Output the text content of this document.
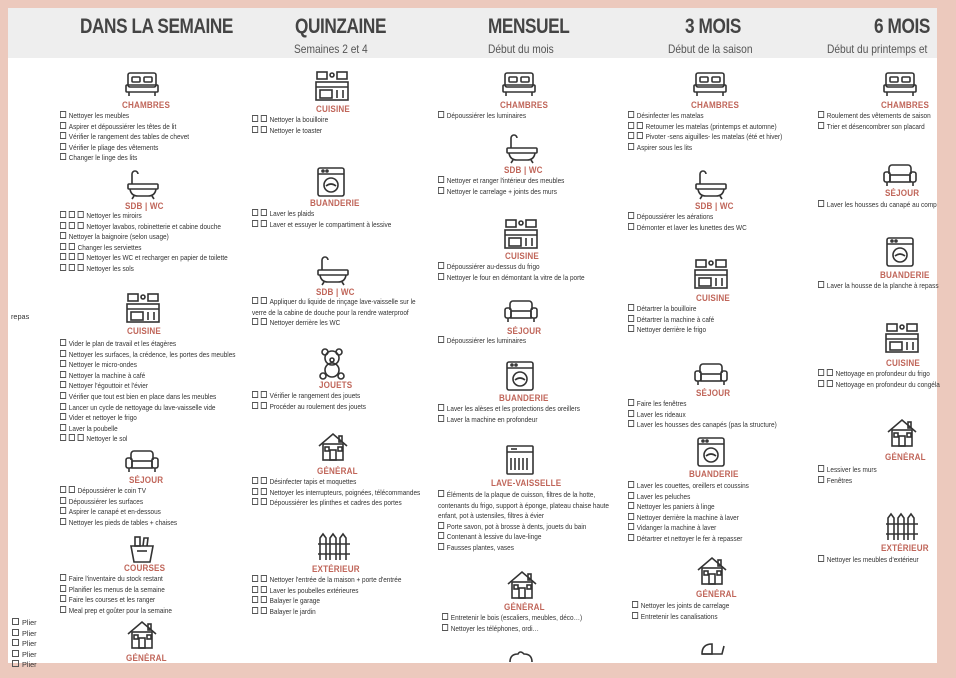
DANS LA SEMAINE	QUINZAINE
Semaines 2 et 4
MENSUEL
Début du mois
3 MOIS
Début de la saison
6 MOIS
Début du printemps et
repas
Plier
Plier
Plier
Plier
Plier
CHAMBRES
Nettoyer les meubles
Aspirer et dépoussiérer les têtes de lit
Vérifier le rangement des tables de chevet
Vérifier le pliage des vêtements
Changer le linge des lits
SDB | WC
Nettoyer les miroirs
Nettoyer lavabos, robinetterie et cabine douche
Nettoyer la baignoire (selon usage)
Changer les serviettes
Nettoyer les WC et recharger en papier de toilette
Nettoyer les sols
CUISINE
Vider le plan de travail et les étagères
Nettoyer les surfaces, la crédence, les portes des meubles
Nettoyer le micro-ondes
Nettoyer la machine à café
Nettoyer l'égouttoir et l'évier
Vérifier que tout est bien en place dans les meubles
Lancer un cycle de nettoyage du lave-vaisselle vide
Vider et nettoyer le frigo
Laver la poubelle
Nettoyer le sol
SÉJOUR
Dépoussiérer le coin TV
Dépoussiérer les surfaces
Aspirer le canapé et en-dessous
Nettoyer les pieds de tables + chaises
COURSES
Faire l'inventaire du stock restant
Planifier les menus de la semaine
Faire les courses et les ranger
Meal prep et goûter pour la semaine
GÉNÉRAL
CUISINE
Nettoyer la bouilloire
Nettoyer le toaster
BUANDERIE
Laver les plaids
Laver et essuyer le compartiment à lessive
SDB | WC
Appliquer du liquide de rinçage lave-vaisselle sur le verre de la cabine de douche pour la rendre waterproof
Nettoyer derrière les WC
JOUETS
Vérifier le rangement des jouets
Procéder au roulement des jouets
GÉNÉRAL
Désinfecter tapis et moquettes
Nettoyer les interrupteurs, poignées, télécommandes
Dépoussiérer les plinthes et cadres des portes
EXTÉRIEUR
Nettoyer l'entrée de la maison + porte d'entrée
Laver les poubelles extérieures
Balayer le garage
Balayer le jardin
CHAMBRES
Dépoussiérer les luminaires
SDB | WC
Nettoyer et ranger l'intérieur des meubles
Nettoyer le carrelage + joints des murs
CUISINE
Dépoussiérer au-dessus du frigo
Nettoyer le four en démontant la vitre de la porte
SÉJOUR
Dépoussiérer les luminaires
BUANDERIE
Laver les alèses et les protections des oreillers
Laver la machine en profondeur
LAVE-VAISSELLE
Éléments de la plaque de cuisson, filtres de la hotte, contenants du frigo, support à éponge, plateau chaise haute enfant, pot à ustensiles, filtres à évier
Porte savon, pot à brosse à dents, jouets du bain
Contenant à lessive du lave-linge
Fausses plantes, vases
GÉNÉRAL
Entretenir le bois (escaliers, meubles, déco…)
Nettoyer les téléphones, ordi…
CHAMBRES
Désinfecter les matelas
Retourner les matelas (printemps et automne)
Pivoter -sens aiguilles- les matelas (été et hiver)
Aspirer sous les lits
SDB | WC
Dépoussiérer les aérations
Démonter et laver les lunettes des WC
CUISINE
Détartrer la bouilloire
Détartrer la machine à café
Nettoyer derrière le frigo
SÉJOUR
Faire les fenêtres
Laver les rideaux
Laver les housses des canapés (pas la structure)
BUANDERIE
Laver les couettes, oreillers et coussins
Laver les peluches
Nettoyer les paniers à linge
Nettoyer derrière la machine à laver
Vidanger la machine à laver
Détartrer et nettoyer le fer à repasser
GÉNÉRAL
Nettoyer les joints de carrelage
Entretenir les canalisations
CHAMBRES
Roulement des vêtements de saison
Trier et désencombrer son placard
SÉJOUR
Laver les housses du canapé au comp
BUANDERIE
Laver la housse de la planche à repass
CUISINE
Nettoyage en profondeur du frigo
Nettoyage en profondeur du congéla
GÉNÉRAL
Lessiver les murs
Fenêtres
EXTÉRIEUR
Nettoyer les meubles d'extérieur
